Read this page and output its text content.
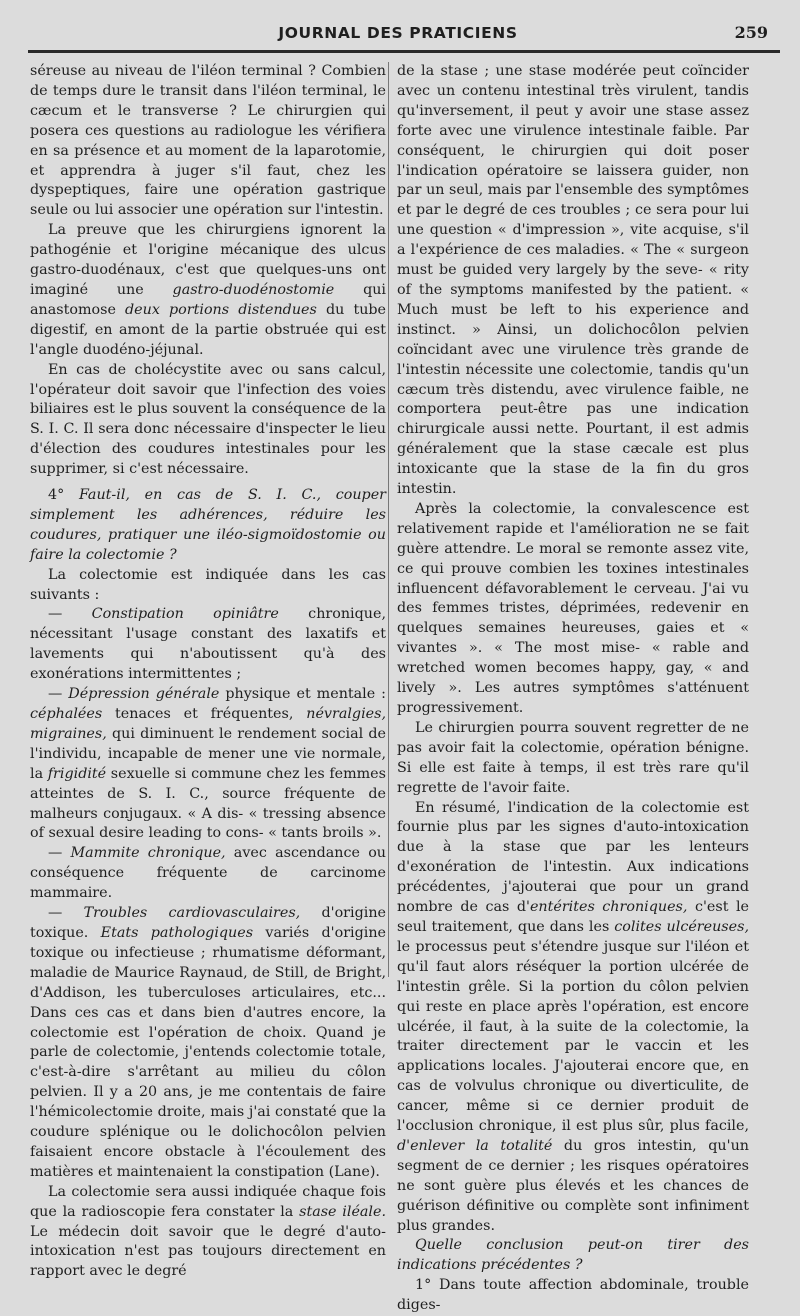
JOURNAL DES PRATICIENS	259

séreuse au niveau de l'iléon terminal ? Combien de temps dure le transit dans l'iléon terminal, le cæcum et le transverse ? Le chirurgien qui posera ces questions au radiologue les vérifiera en sa présence et au moment de la laparotomie, et apprendra à juger s'il faut, chez les dyspeptiques, faire une opération gastrique seule ou lui associer une opération sur l'intestin.

La preuve que les chirurgiens ignorent la pathogénie et l'origine mécanique des ulcus gastro-duodénaux, c'est que quelques-uns ont imaginé une gastro-duodénostomie qui anastomose deux portions distendues du tube digestif, en amont de la partie obstruée qui est l'angle duodéno-jéjunal.

En cas de cholécystite avec ou sans calcul, l'opérateur doit savoir que l'infection des voies biliaires est le plus souvent la conséquence de la S. I. C. Il sera donc nécessaire d'inspecter le lieu d'élection des coudures intestinales pour les supprimer, si c'est nécessaire.

4° Faut-il, en cas de S. I. C., couper simplement les adhérences, réduire les coudures, pratiquer une iléo-sigmoïdostomie ou faire la colectomie ?

La colectomie est indiquée dans les cas suivants :

— Constipation opiniâtre chronique, nécessitant l'usage constant des laxatifs et lavements qui n'aboutissent qu'à des exonérations intermittentes ;

— Dépression générale physique et mentale : céphalées tenaces et fréquentes, névralgies, migraines, qui diminuent le rendement social de l'individu, incapable de mener une vie normale, la frigidité sexuelle si commune chez les femmes atteintes de S. I. C., source fréquente de malheurs conjugaux. « A dis- « tressing absence of sexual desire leading to cons- « tants broils ».

— Mammite chronique, avec ascendance ou conséquence fréquente de carcinome mammaire.

— Troubles cardiovasculaires, d'origine toxique. Etats pathologiques variés d'origine toxique ou infectieuse ; rhumatisme déformant, maladie de Maurice Raynaud, de Still, de Bright, d'Addison, les tuberculoses articulaires, etc... Dans ces cas et dans bien d'autres encore, la colectomie est l'opération de choix. Quand je parle de colectomie, j'entends colectomie totale, c'est-à-dire s'arrêtant au milieu du côlon pelvien. Il y a 20 ans, je me contentais de faire l'hémicolectomie droite, mais j'ai constaté que la coudure splénique ou le dolichocôlon pelvien faisaient encore obstacle à l'écoulement des matières et maintenaient la constipation (Lane).

La colectomie sera aussi indiquée chaque fois que la radioscopie fera constater la stase iléale. Le médecin doit savoir que le degré d'auto-intoxication n'est pas toujours directement en rapport avec le degré

de la stase ; une stase modérée peut coïncider avec un contenu intestinal très virulent, tandis qu'inversement, il peut y avoir une stase assez forte avec une virulence intestinale faible. Par conséquent, le chirurgien qui doit poser l'indication opératoire se laissera guider, non par un seul, mais par l'ensemble des symptômes et par le degré de ces troubles ; ce sera pour lui une question « d'impression », vite acquise, s'il a l'expérience de ces maladies. « The « surgeon must be guided very largely by the seve- « rity of the symptoms manifested by the patient. « Much must be left to his experience and instinct. » Ainsi, un dolichocôlon pelvien coïncidant avec une virulence très grande de l'intestin nécessite une colectomie, tandis qu'un cæcum très distendu, avec virulence faible, ne comportera peut-être pas une indication chirurgicale aussi nette. Pourtant, il est admis généralement que la stase cæcale est plus intoxicante que la stase de la fin du gros intestin.

Après la colectomie, la convalescence est relativement rapide et l'amélioration ne se fait guère attendre. Le moral se remonte assez vite, ce qui prouve combien les toxines intestinales influencent défavorablement le cerveau. J'ai vu des femmes tristes, déprimées, redevenir en quelques semaines heureuses, gaies et « vivantes ». « The most mise- « rable and wretched women becomes happy, gay, « and lively ». Les autres symptômes s'atténuent progressivement.

Le chirurgien pourra souvent regretter de ne pas avoir fait la colectomie, opération bénigne. Si elle est faite à temps, il est très rare qu'il regrette de l'avoir faite.

En résumé, l'indication de la colectomie est fournie plus par les signes d'auto-intoxication due à la stase que par les lenteurs d'exonération de l'intestin. Aux indications précédentes, j'ajouterai que pour un grand nombre de cas d'entérites chroniques, c'est le seul traitement, que dans les colites ulcéreuses, le processus peut s'étendre jusque sur l'iléon et qu'il faut alors réséquer la portion ulcérée de l'intestin grêle. Si la portion du côlon pelvien qui reste en place après l'opération, est encore ulcérée, il faut, à la suite de la colectomie, la traiter directement par le vaccin et les applications locales. J'ajouterai encore que, en cas de volvulus chronique ou diverticulite, de cancer, même si ce dernier produit de l'occlusion chronique, il est plus sûr, plus facile, d'enlever la totalité du gros intestin, qu'un segment de ce dernier ; les risques opératoires ne sont guère plus élevés et les chances de guérison définitive ou complète sont infiniment plus grandes.

Quelle conclusion peut-on tirer des indications précédentes ?

1° Dans toute affection abdominale, trouble diges-
